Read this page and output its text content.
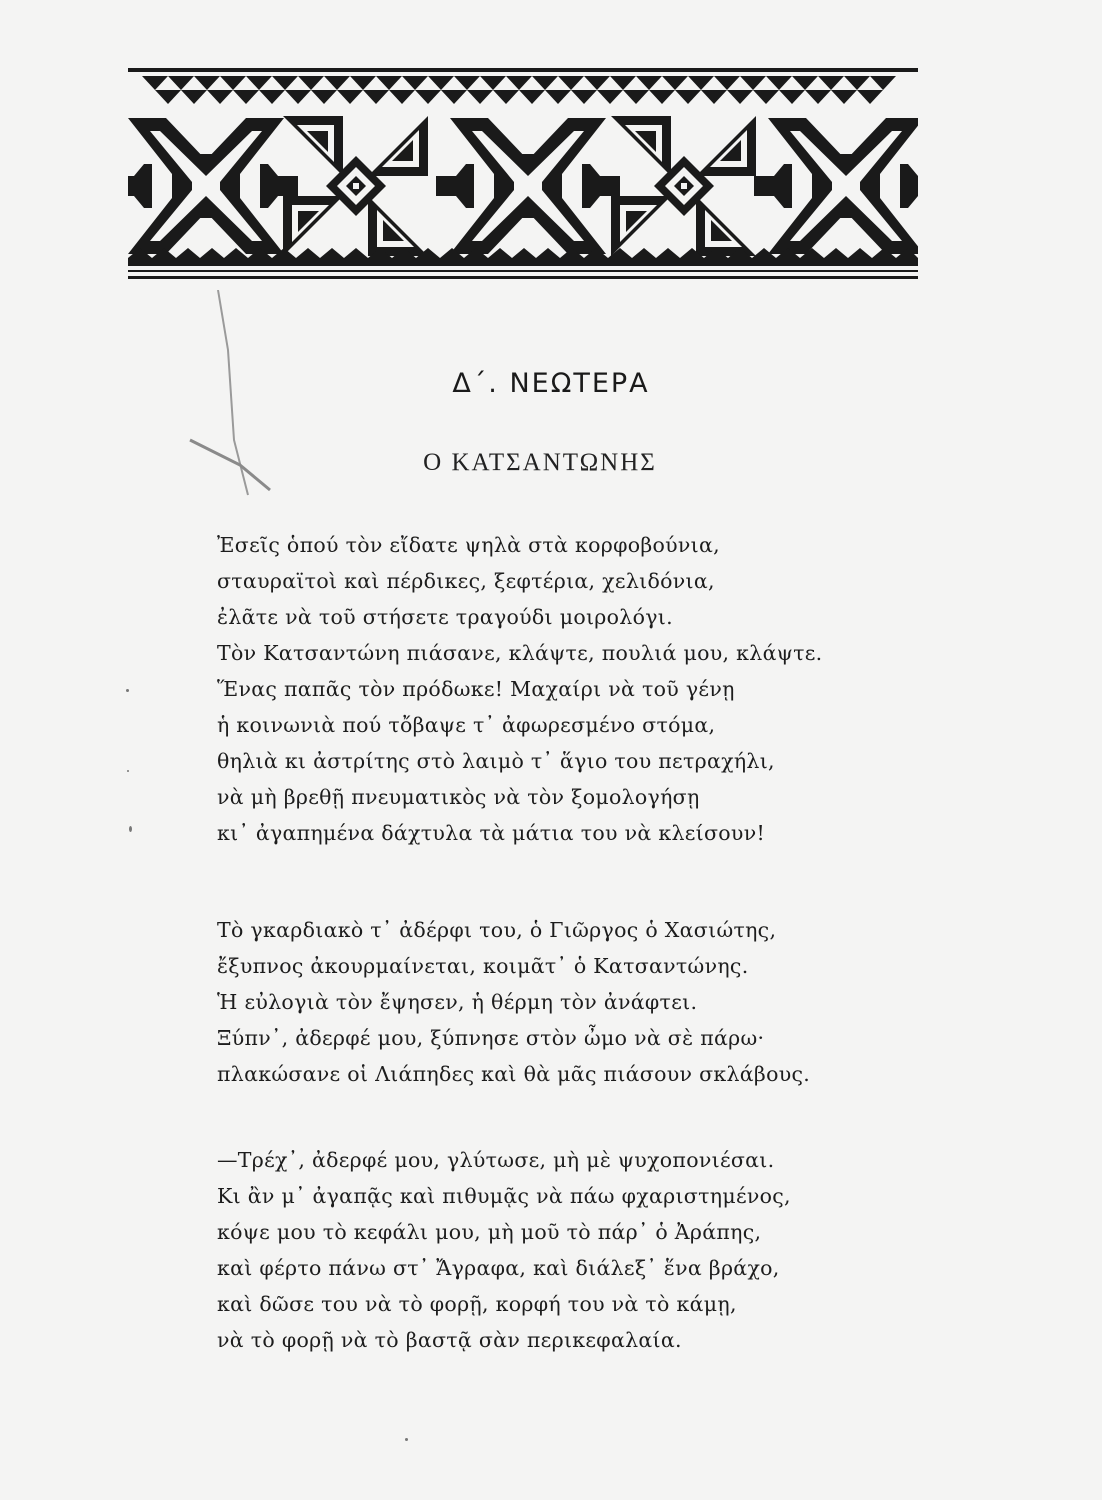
Δ΄. ΝΕΩΤΕΡΑ
Ο ΚΑΤΣΑΝΤΩΝΗΣ
Ἐσεῖς ὁπού τὸν εἴδατε ψηλὰ στὰ κορφοβούνια,
σταυραϊτοὶ καὶ πέρδικες, ξεφτέρια, χελιδόνια,
ἐλᾶτε νὰ τοῦ στήσετε τραγούδι μοιρολόγι.
Τὸν Κατσαντώνη πιάσανε, κλάψτε, πουλιά μου, κλάψτε.
Ἕνας παπᾶς τὸν πρόδωκε! Μαχαίρι νὰ τοῦ γένῃ
ἡ κοινωνιὰ πού τὄβαψε τ᾽ ἀφωρεσμένο στόμα,
θηλιὰ κι ἀστρίτης στὸ λαιμὸ τ᾽ ἅγιο του πετραχήλι,
νὰ μὴ βρεθῇ πνευματικὸς νὰ τὸν ξομολογήσῃ
κι᾽ ἀγαπημένα δάχτυλα τὰ μάτια του νὰ κλείσουν!
Τὸ γκαρδιακὸ τ᾽ ἀδέρφι του, ὁ Γιῶργος ὁ Χασιώτης,
ἔξυπνος ἀκουρμαίνεται, κοιμᾶτ᾽ ὁ Κατσαντώνης.
Ἡ εὐλογιὰ τὸν ἔψησεν, ἡ θέρμη τὸν ἀνάφτει.
Ξύπν᾽, ἀδερφέ μου, ξύπνησε στὸν ὦμο νὰ σὲ πάρω·
πλακώσανε οἱ Λιάπηδες καὶ θὰ μᾶς πιάσουν σκλάβους.
—Τρέχ᾽, ἀδερφέ μου, γλύτωσε, μὴ μὲ ψυχοπονιέσαι.
Κι ἂν μ᾽ ἀγαπᾷς καὶ πιθυμᾷς νὰ πάω φχαριστημένος,
κόψε μου τὸ κεφάλι μου, μὴ μοῦ τὸ πάρ᾽ ὁ Ἀράπης,
καὶ φέρτο πάνω στ᾽ Ἄγραφα, καὶ διάλεξ᾽ ἕνα βράχο,
καὶ δῶσε του νὰ τὸ φορῇ, κορφή του νὰ τὸ κάμῃ,
νὰ τὸ φορῇ νὰ τὸ βαστᾷ σὰν περικεφαλαία.
